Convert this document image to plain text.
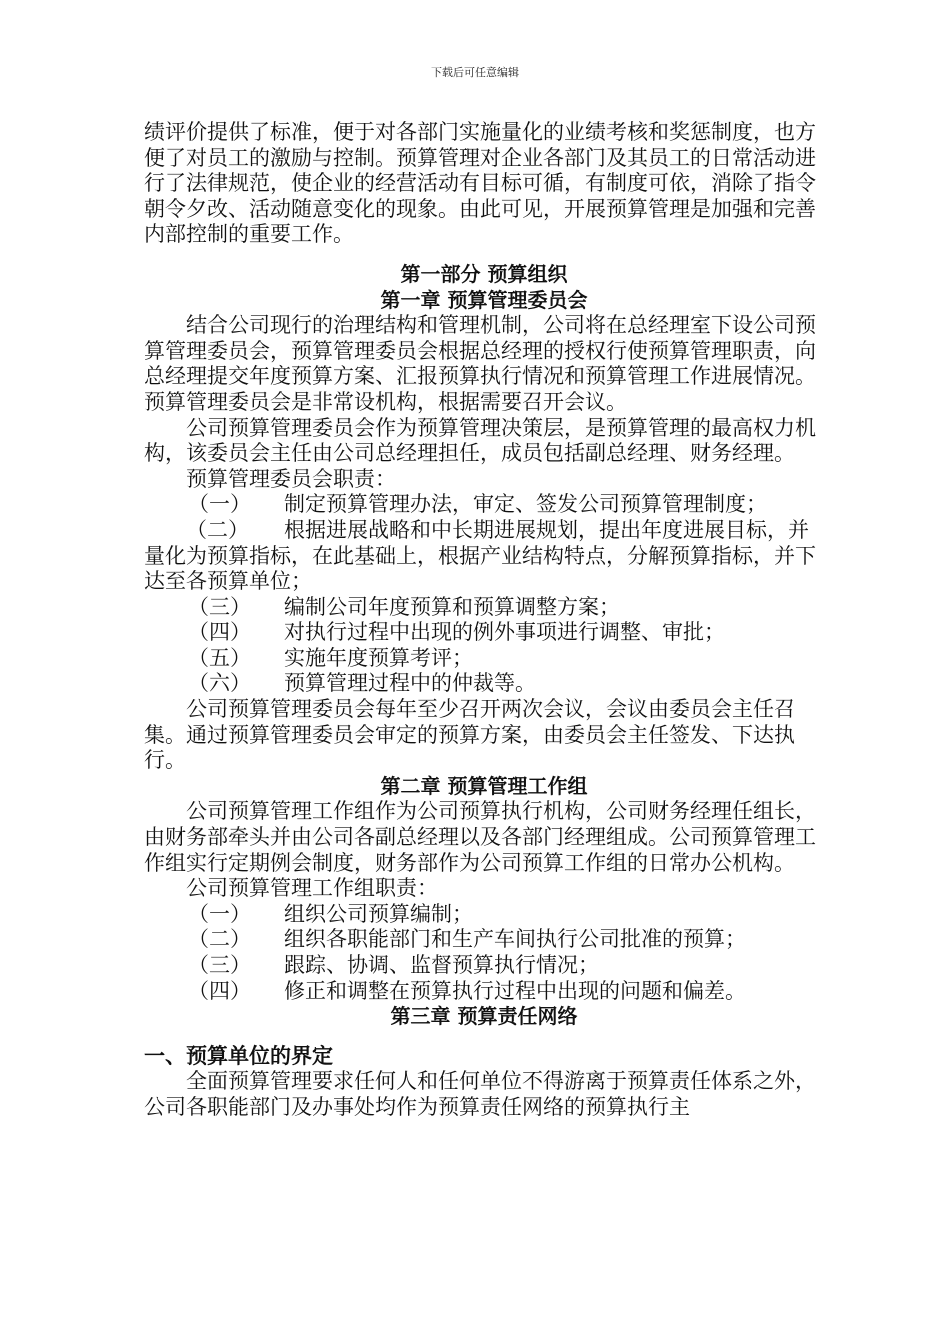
下载后可任意编辑

绩评价提供了标准，便于对各部门实施量化的业绩考核和奖惩制度，也方便了对员工的激励与控制。预算管理对企业各部门及其员工的日常活动进行了法律规范，使企业的经营活动有目标可循，有制度可依，消除了指令朝令夕改、活动随意变化的现象。由此可见，开展预算管理是加强和完善内部控制的重要工作。

第一部分 预算组织

第一章 预算管理委员会

结合公司现行的治理结构和管理机制，公司将在总经理室下设公司预算管理委员会，预算管理委员会根据总经理的授权行使预算管理职责，向总经理提交年度预算方案、汇报预算执行情况和预算管理工作进展情况。预算管理委员会是非常设机构，根据需要召开会议。

公司预算管理委员会作为预算管理决策层，是预算管理的最高权力机构，该委员会主任由公司总经理担任，成员包括副总经理、财务经理。

预算管理委员会职责：

（一）	制定预算管理办法，审定、签发公司预算管理制度；

（二） 根据进展战略和中长期进展规划，提出年度进展目标，并量化为预算指标，在此基础上，根据产业结构特点，分解预算指标，并下达至各预算单位；

（三）	编制公司年度预算和预算调整方案；
（四）	对执行过程中出现的例外事项进行调整、审批；
（五）	实施年度预算考评；
（六）	预算管理过程中的仲裁等。

公司预算管理委员会每年至少召开两次会议，会议由委员会主任召集。通过预算管理委员会审定的预算方案，由委员会主任签发、下达执行。

第二章 预算管理工作组

公司预算管理工作组作为公司预算执行机构，公司财务经理任组长，由财务部牵头并由公司各副总经理以及各部门经理组成。公司预算管理工作组实行定期例会制度，财务部作为公司预算工作组的日常办公机构。

公司预算管理工作组职责：

（一）	组织公司预算编制；
（二）	组织各职能部门和生产车间执行公司批准的预算；
（三）	跟踪、协调、监督预算执行情况；
（四）	修正和调整在预算执行过程中出现的问题和偏差。

第三章 预算责任网络

一、预算单位的界定

全面预算管理要求任何人和任何单位不得游离于预算责任体系之外，公司各职能部门及办事处均作为预算责任网络的预算执行主
